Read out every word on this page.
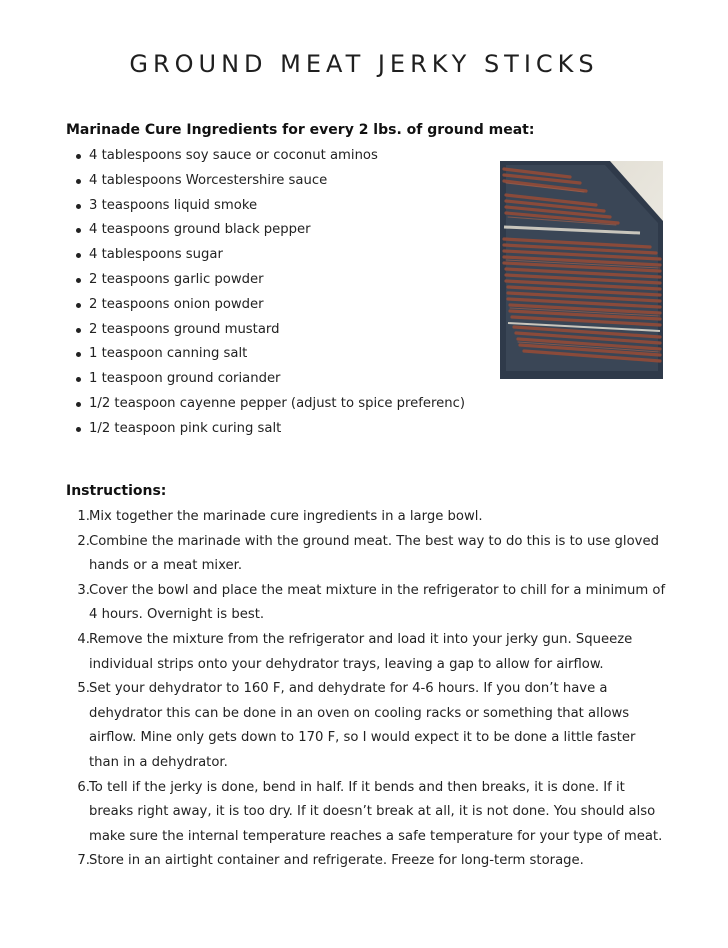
GROUND MEAT JERKY STICKS
Marinade Cure Ingredients for every 2 lbs. of ground meat:
4 tablespoons soy sauce or coconut aminos
4 tablespoons Worcestershire sauce
3 teaspoons liquid smoke
4 teaspoons ground black pepper
4 tablespoons sugar
2 teaspoons garlic powder
2 teaspoons onion powder
2 teaspoons ground mustard
1 teaspoon canning salt
1 teaspoon ground coriander
1/2 teaspoon cayenne pepper (adjust to spice preferenc)
1/2 teaspoon pink curing salt
Instructions:
1. Mix together the marinade cure ingredients in a large bowl.
2. Combine the marinade with the ground meat. The best way to do this is to use gloved hands or a meat mixer.
3. Cover the bowl and place the meat mixture in the refrigerator to chill for a minimum of 4 hours. Overnight is best.
4. Remove the mixture from the refrigerator and load it into your jerky gun. Squeeze individual strips onto your dehydrator trays, leaving a gap to allow for airflow.
5. Set your dehydrator to 160 F, and dehydrate for 4-6 hours. If you don’t have a dehydrator this can be done in an oven on cooling racks or something that allows airflow. Mine only gets down to 170 F, so I would expect it to be done a little faster than in a dehydrator.
6. To tell if the jerky is done, bend in half. If it bends and then breaks, it is done. If it breaks right away, it is too dry. If it doesn’t break at all, it is not done. You should also make sure the internal temperature reaches a safe temperature for your type of meat.
7. Store in an airtight container and refrigerate. Freeze for long-term storage.
